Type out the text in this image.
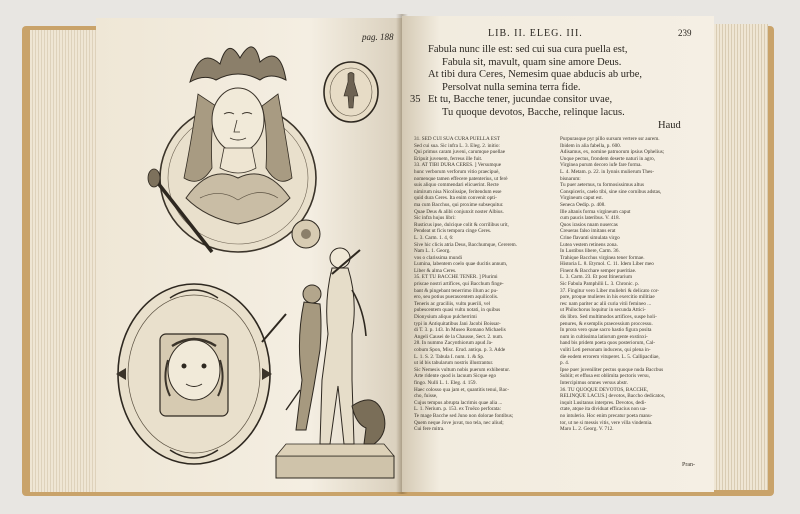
pag. 188	LIB. II. ELEG. III.	239
Fabula nunc ille est: sed cui sua cura puella est,
Fabula sit, mavult, quam sine amore Deus.
At tibi dura Ceres, Nemesim quae abducis ab urbe,
Persolvat nulla semina terra fide.
Et tu, Bacche tener, jucundae consitor uvae,
Tu quoque devotos, Bacche, relinque lacus.
Haud
35
31. SED CUI SUA CURA PUELLA EST
Sed cui sua. Sic infra L. 3. Eleg. 2. initio:
Qui primus caram juveni, carumque puellae
Eripuit juvenem, ferreus ille fuit.
33. AT TIBI DURA CERES. ] Versumque
hunc verborum verforum vitio praecipuè,
nomenque tamen effecere patenterius, ut ferè
suis aliquo commendari elicuerint. Recte
nimirum nisa Nicolissipe, feritendum esse
quid dura Ceres. Ita enim convenit opti-
ma cum Bacchus, qui proxime subsequitur.
Quae Deus & alibi conjunxit noster Albius.
Sic infra hujus libri:
Rusticus ipse, dulcique colit & corrilibus urit,
Pendeat ut ficis tempora cinge Ceres.
L. 3. Carm. 1. 4, 6:
Sive hic clicis atria Deus, Bacchumque, Cererem.
Nam L. 1. Georg.
vos o clarissima mundi
Lumina, labentem coelo quae ducitis annum,
Liber & alma Ceres.
35. ET TU BACCHE TENER. ] Plurimi
priscae nostri artifices, qui Bacchum finge-
bant & pingebant tenerrimo illum ac pu-
ero, seu potius puerascentem aquilicolis.
Teneris ac graciliis, vultu puerili, vel
pubescentem quasi vultu notati, in quibus
Dionysium aliquo pulcherrimi
typi in Antiquitatibus Jani Jacobi Boissar-
di T. 3. p. 143. In Museo Romano Michaelis
Angeli Causei de la Chausse, Sect. 2. num.
28. In nummo Zacynthiorum apud Ja-
cobum Spon, Misc. Erud. antiqu. p. 3. Adde
L. 1. S. 2. Tabula I. num. 1. & Sp.
ut id bis tabularum nostris illustrantur.
Sic Nemesis vultum nobis puerum exhibentur.
Arte ridente quod is lacuum Sicque ego
fingo. Nulli L. 1. Eleg. 4. 159.
Haec colosso qua jam et, quantitis tenui, Bac-
cho, fuisse,
Cujus tempus abrupta lacrimis quae alia ...
L. 1. Nerium. p. 153. ex Troëzo perforata:
Te mage Bacche sed Juno non dolorae fontibus;
Quem neque Jove juvat, tuo tela, nec aliud;
Cui fere mitra.
Purpurasque pyr pillo sursum vertere ssr aurem.
Ibidem in alia fabella, p. 600.
Adisamus, ex, nomine patruorum ipsius Ophelius;
Unque pectus, frondem deserte naturi in agro,
Virginea purum decoro iufe fare forma.
L. 4. Metam. p. 22. in Iynnis mulierum Thes-
bisnarum:
Tu puer aeternus, tu formosissimus altus
Conspiceris, caelo tibi, sine sine cornibus adstas,
Virgineum caput est.
Seneca Oedip. p. 408.
Ille altanis forma virgineum caput
cum paucis lateribus. V. 418.
Quos irasios nnam nusercas
Creueras falso imitans erat
Crine flavanti simulata virgo
Lutea vestem retinens zona.
In Lustibus libere, Carm. 36.
Trahique Bacchus virginea tener formae.
Historia L. 8. Etymol. C. 11. Idem Liber meo
Finent & Bacchare semper pueritiae.
L. 3. Carm. 23. Et post Itinerarium
Sic Fabula Pamphilii L. 3. Chronic. p.
37. Fingitur vero Liber muliebri & delicato cor-
pore, proque mulieres in his exercitio militiae
res: nam pariter ac alii curia vitii femineo ...
ut Philochorus loquitur in secunda Attici-
dis libro. Sed multimodos artifices, suspe holi-
penures, & exemplis praecessium proccessu.
In prora vero quae sacro hastio figura posita
num in cultissima latiorum gente exstinxi-
hand bis pridem poeta quos posteriorum, Cal-
vuliti Leti personam inducens, qui plena in-
die eodem errorem vituperet. L. 5. Callipacdiae,
p. 4.
Ipse puer juveniliter pectus quoque nuda Baccbus
Subiit; et effusa est oblimita pectoris versu,
Intercipimus omnes versus abstr.
36. TU QUOQUE DEVOTOS, BACCHE,
RELINQUE LACUS.] devotos, Baccho dedicatos,
inquit Lusitanus interpres. Devotos, dedi-
ctate, atque ita dividuat efficacius non ua-
no intulerio. Hoc enim precatur poeta manu-
tor, ut ne si messis vitis, vere villa vindemia.
Maro L. 2. Georg. V. 712.
Pran-
